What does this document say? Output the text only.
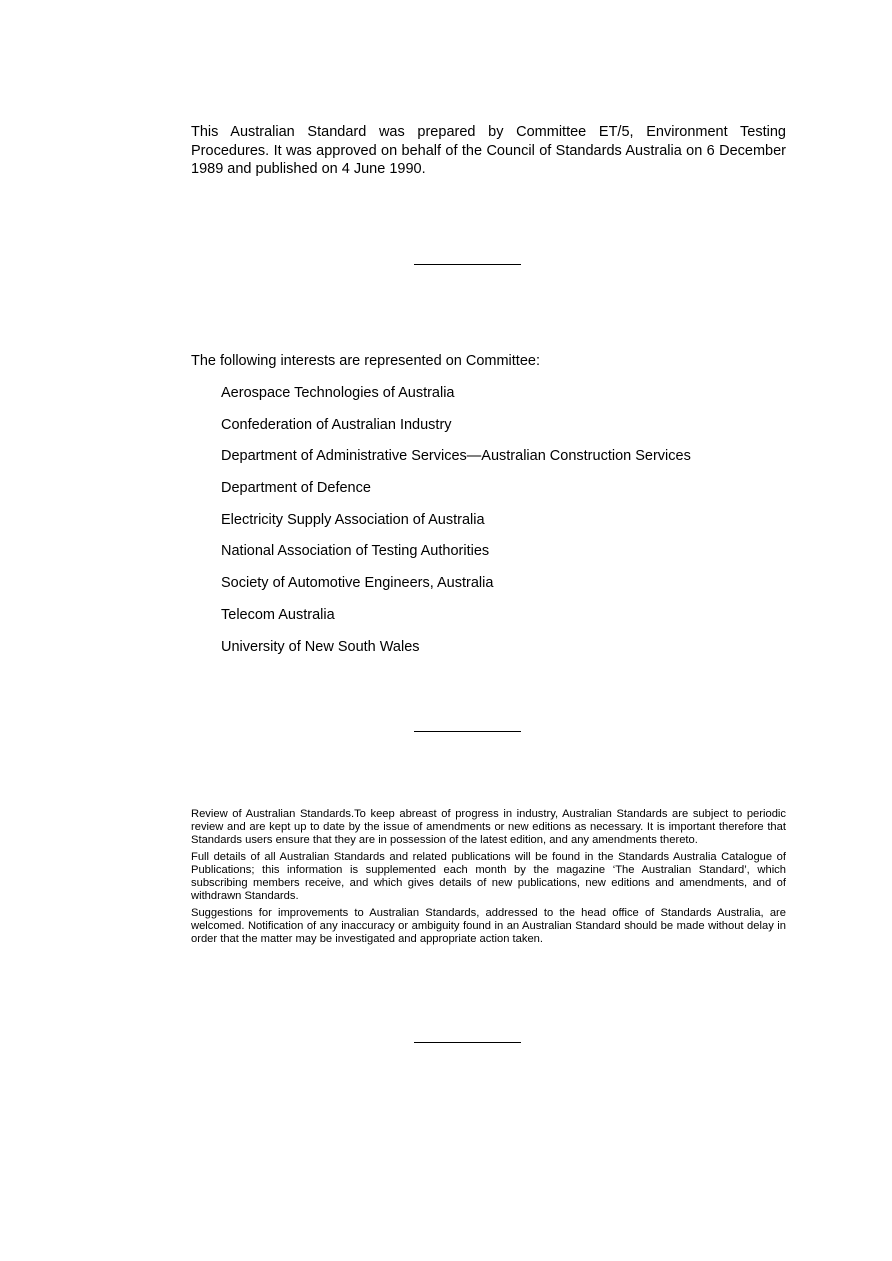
This Australian Standard was prepared by Committee ET/5, Environment Testing Procedures. It was approved on behalf of the Council of Standards Australia on 6 December 1989 and published on 4 June 1990.

The following interests are represented on Committee:

Aerospace Technologies of Australia
Confederation of Australian Industry
Department of Administrative Services—Australian Construction Services
Department of Defence
Electricity Supply Association of Australia
National Association of Testing Authorities
Society of Automotive Engineers, Australia
Telecom Australia
University of New South Wales

Review of Australian Standards.To keep abreast of progress in industry, Australian Standards are subject to periodic review and are kept up to date by the issue of amendments or new editions as necessary. It is important therefore that Standards users ensure that they are in possession of the latest edition, and any amendments thereto.

Full details of all Australian Standards and related publications will be found in the Standards Australia Catalogue of Publications; this information is supplemented each month by the magazine ‘The Australian Standard’, which subscribing members receive, and which gives details of new publications, new editions and amendments, and of withdrawn Standards.

Suggestions for improvements to Australian Standards, addressed to the head office of Standards Australia, are welcomed. Notification of any inaccuracy or ambiguity found in an Australian Standard should be made without delay in order that the matter may be investigated and appropriate action taken.
